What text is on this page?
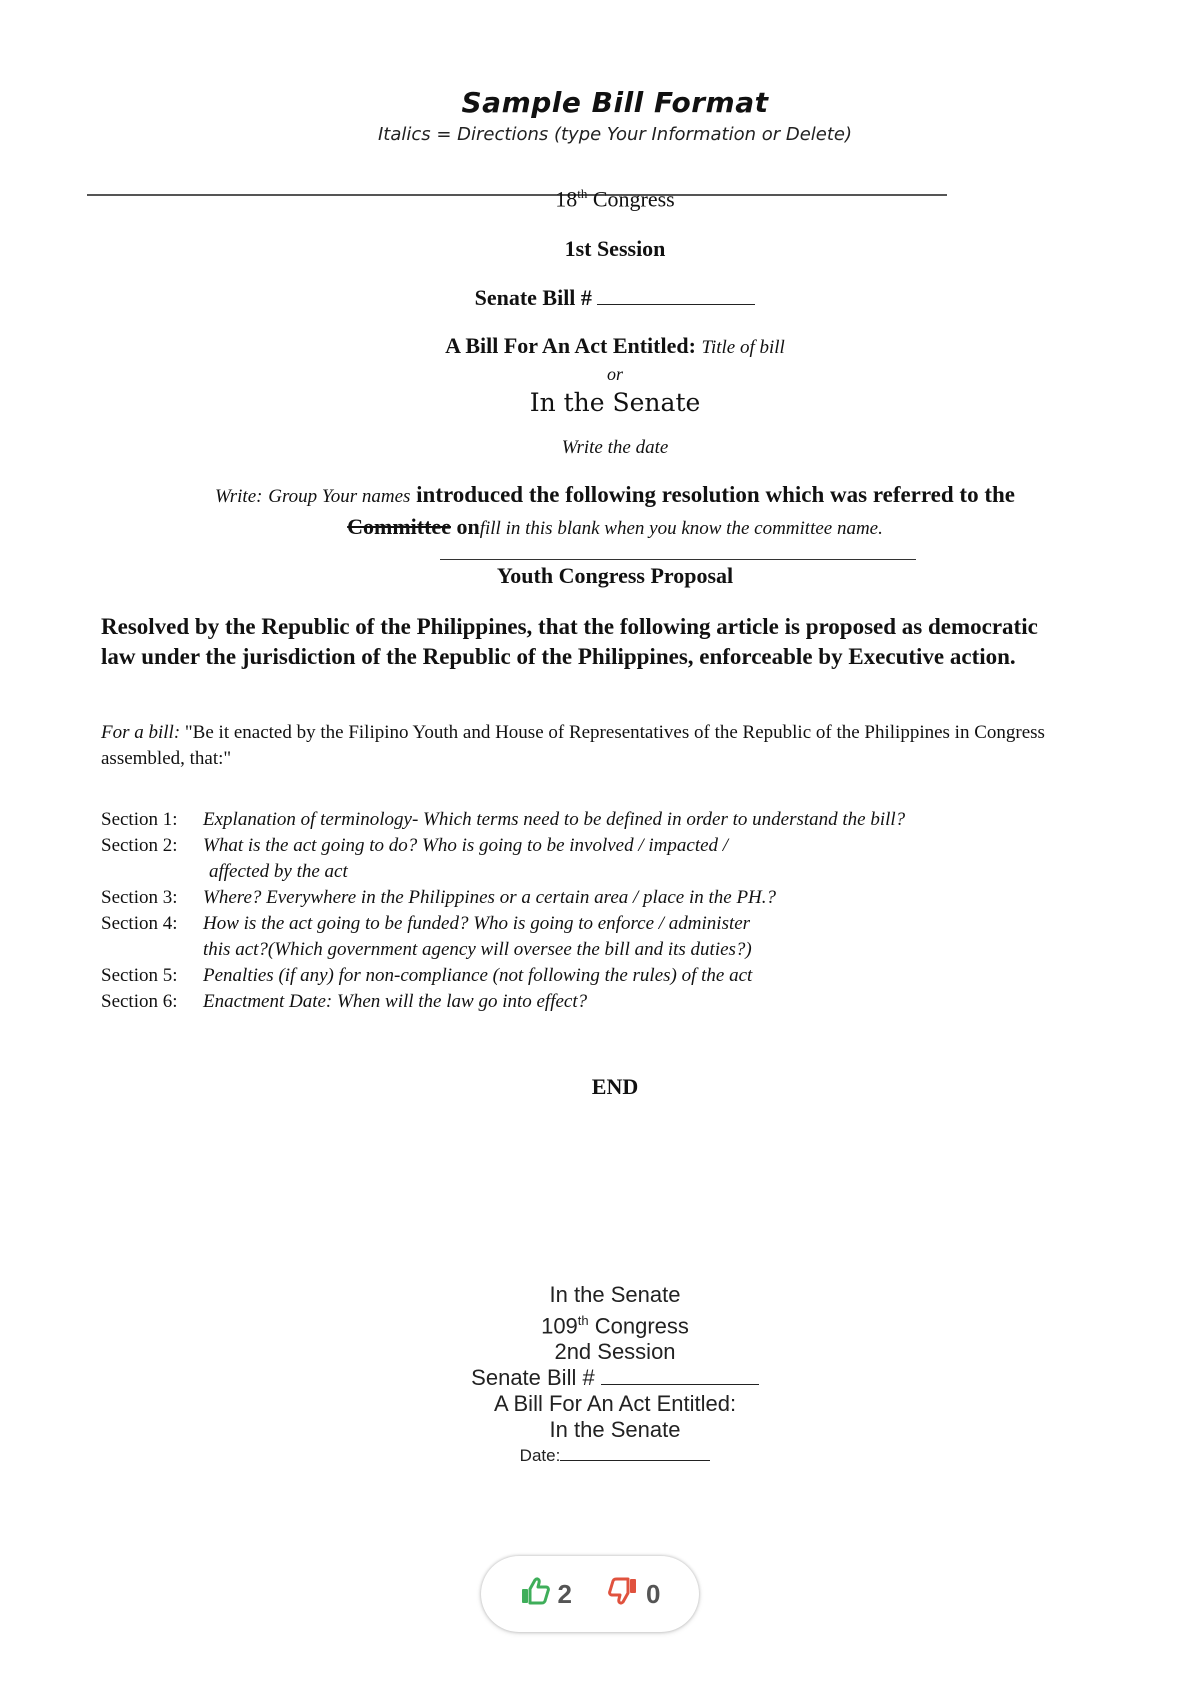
Sample Bill Format
Italics = Directions (type Your Information or Delete)
18th Congress
1st Session
Senate Bill #
A Bill For An Act Entitled: Title of bill
or
In the Senate
Write the date
Write: Group Your names introduced the following resolution which was referred to the
Committee onfill in this blank when you know the committee name.
Youth Congress Proposal
Resolved by the Republic of the Philippines, that the following article is proposed as democratic law under the jurisdiction of the Republic of the Philippines, enforceable by Executive action.
For a bill: "Be it enacted by the Filipino Youth and House of Representatives of the Republic of the Philippines in Congress assembled, that:"
Section 1: Explanation of terminology- Which terms need to be defined in order to understand the bill?
Section 2: What is the act going to do? Who is going to be involved / impacted /
affected by the act
Section 3: Where? Everywhere in the Philippines or a certain area / place in the PH.?
Section 4: How is the act going to be funded? Who is going to enforce / administer
this act?(Which government agency will oversee the bill and its duties?)
Section 5: Penalties (if any) for non-compliance (not following the rules) of the act
Section 6: Enactment Date: When will the law go into effect?
END
In the Senate
109th Congress
2nd Session
Senate Bill #
A Bill For An Act Entitled:
In the Senate
Date:
2	0
